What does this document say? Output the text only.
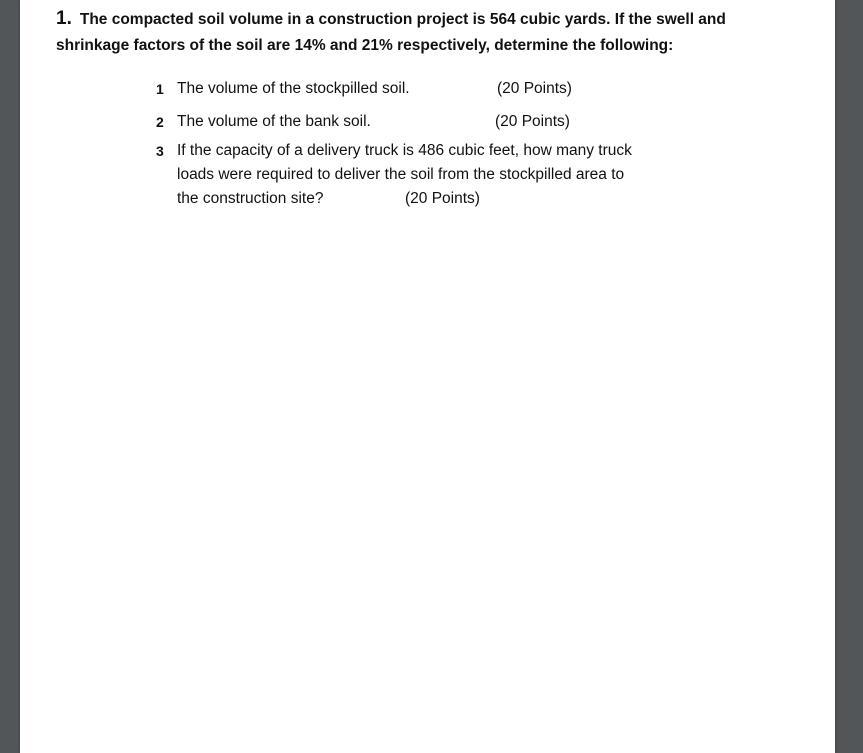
1. The compacted soil volume in a construction project is 564 cubic yards. If the swell and shrinkage factors of the soil are 14% and 21% respectively, determine the following:
1 The volume of the stockpilled soil.	(20 Points)
2 The volume of the bank soil.	(20 Points)
3 If the capacity of a delivery truck is 486 cubic feet, how many truck
loads were required to deliver the soil from the stockpilled area to
the construction site?	(20 Points)
